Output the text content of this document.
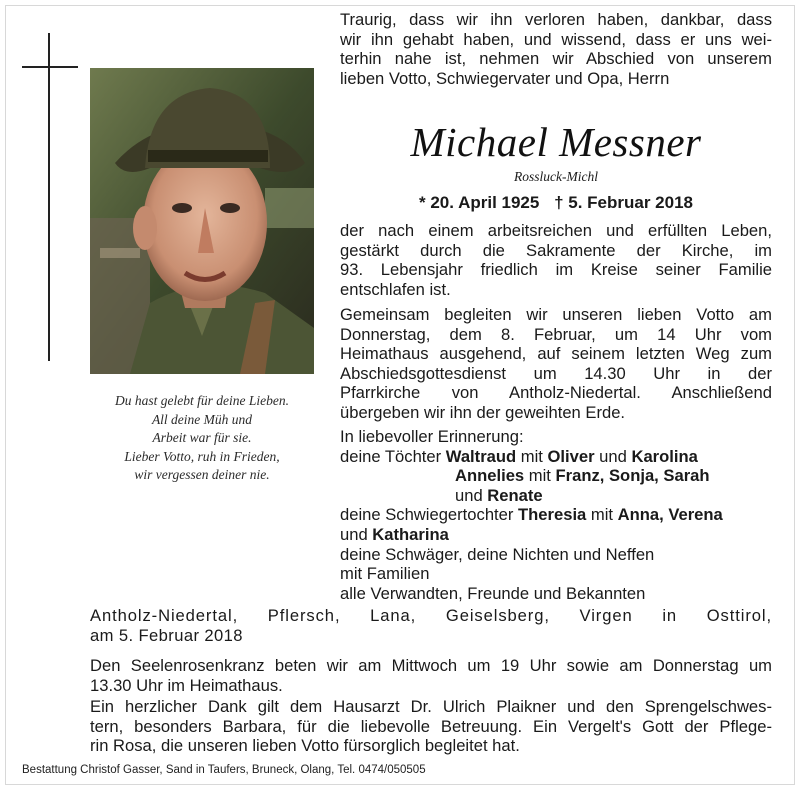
Du hast gelebt für deine Lieben.
All deine Müh und
Arbeit war für sie.
Lieber Votto, ruh in Frieden,
wir vergessen deiner nie.
Traurig, dass wir ihn verloren haben, dankbar, dass
wir ihn gehabt haben, und wissend, dass er uns wei-
terhin nahe ist, nehmen wir Abschied von unserem
lieben Votto, Schwiegervater und Opa, Herrn
Michael Messner
Rossluck-Michl
* 20. April 1925 † 5. Februar 2018
der nach einem arbeitsreichen und erfüllten Leben,
gestärkt durch die Sakramente der Kirche, im
93. Lebensjahr friedlich im Kreise seiner Familie
entschlafen ist.
Gemeinsam begleiten wir unseren lieben Votto am
Donnerstag, dem 8. Februar, um 14 Uhr vom
Heimathaus ausgehend, auf seinem letzten Weg zum
Abschiedsgottesdienst um 14.30 Uhr in der
Pfarrkirche von Antholz-Niedertal. Anschließend
übergeben wir ihn der geweihten Erde.
In liebevoller Erinnerung:
deine Töchter Waltraud mit Oliver und Karolina
Annelies mit Franz, Sonja, Sarah
und Renate
deine Schwiegertochter Theresia mit Anna, Verena
und Katharina
deine Schwäger, deine Nichten und Neffen
mit Familien
alle Verwandten, Freunde und Bekannten
Antholz-Niedertal, Pflersch, Lana, Geiselsberg, Virgen in Osttirol,
am 5. Februar 2018
Den Seelenrosenkranz beten wir am Mittwoch um 19 Uhr sowie am Donnerstag um
13.30 Uhr im Heimathaus.
Ein herzlicher Dank gilt dem Hausarzt Dr. Ulrich Plaikner und den Sprengelschwes-
tern, besonders Barbara, für die liebevolle Betreuung. Ein Vergelt's Gott der Pflege-
rin Rosa, die unseren lieben Votto fürsorglich begleitet hat.
Bestattung Christof Gasser, Sand in Taufers, Bruneck, Olang, Tel. 0474/050505
